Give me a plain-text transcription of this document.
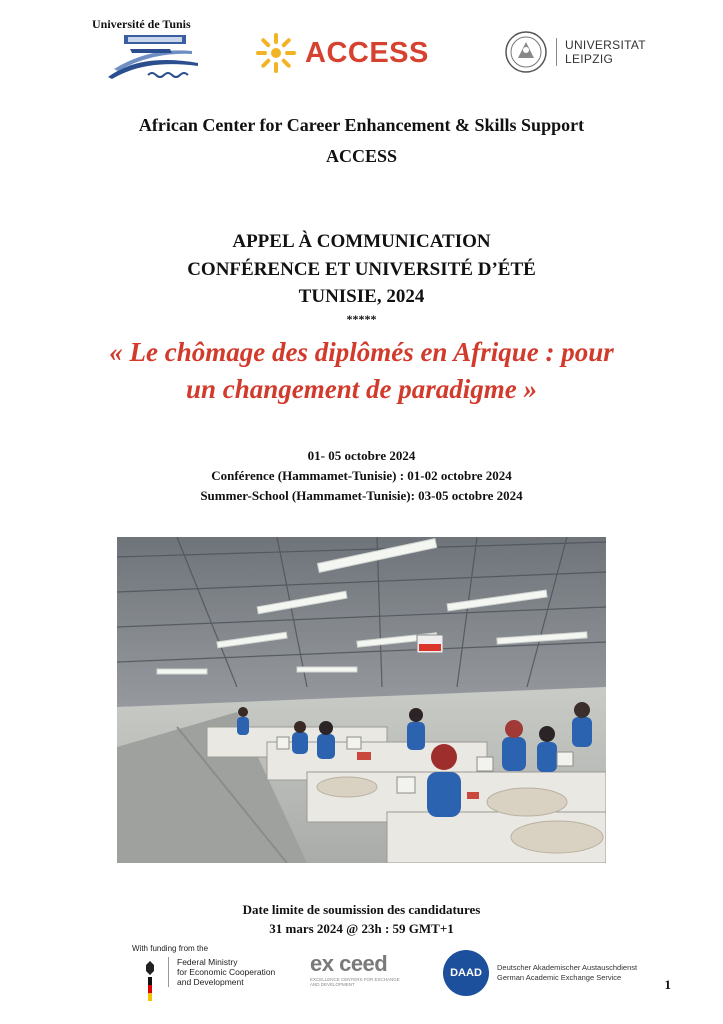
Université de Tunis
ACCESS	UNIVERSITAT
LEIPZIG
African Center for Career Enhancement & Skills Support
ACCESS
APPEL À COMMUNICATION
CONFÉRENCE ET UNIVERSITÉ D’ÉTÉ
TUNISIE, 2024
*****
« Le chômage des diplômés en Afrique : pour
un changement de paradigme »
01- 05 octobre 2024
Conférence (Hammamet-Tunisie) : 01-02 octobre 2024
Summer-School (Hammamet-Tunisie): 03-05 octobre 2024
Date limite de soumission des candidatures
31 mars 2024 @ 23h : 59 GMT+1
With funding from the
Federal Ministry
for Economic Cooperation
and Development
ex ceed
EXCELLENCE CENTERS FOR EXCHANGE AND DEVELOPMENT
DAAD	Deutscher Akademischer Austauschdienst
German Academic Exchange Service	1
